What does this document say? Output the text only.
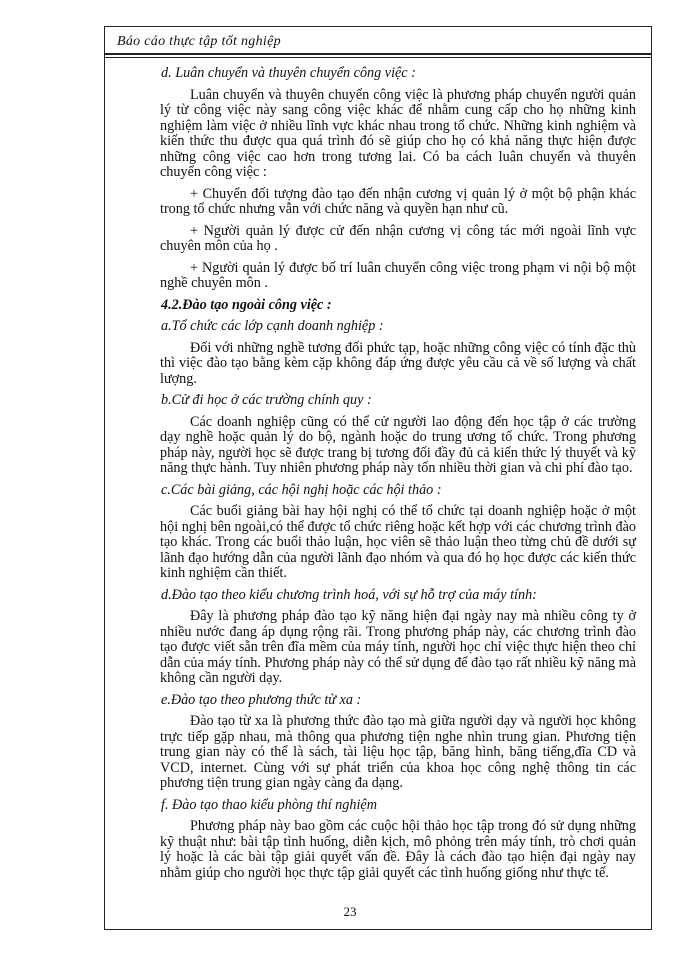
Báo cáo thực tập tốt nghiệp
d. Luân chuyển và thuyên chuyển công việc :

Luân chuyển và thuyên chuyển công việc là phương pháp chuyển người quản lý từ công việc này sang công việc khác để nhằm cung cấp cho họ những kinh nghiệm làm việc ở nhiều lĩnh vực khác nhau trong tổ chức. Những kinh nghiệm và kiến thức thu được qua quá trình đó sẽ giúp cho họ có khả năng thực hiện được những công việc cao hơn trong tương lai. Có ba cách luân chuyển và thuyên chuyển công việc :

+ Chuyển đối tượng đào tạo đến nhận cương vị quản lý ở một bộ phận khác trong tổ chức nhưng vẫn với chức năng và quyền hạn như cũ.

+ Người quản lý được cử đến nhận cương vị công tác mới ngoài lĩnh vực chuyên môn của họ .

+ Người quản lý được bố trí luân chuyển công việc trong phạm vi nội bộ một nghề chuyên môn .

4.2.Đào tạo ngoài công việc :
a.Tổ chức các lớp cạnh doanh nghiệp :

Đối với những nghề tương đối phức tạp, hoặc những công việc có tính đặc thù thì việc đào tạo bằng kèm cặp không đáp ứng được yêu cầu cả về số lượng và chất lượng.

b.Cử đi học ở các trường chính quy :

Các doanh nghiệp cũng có thể cử người lao động đến học tập ở các trường dạy nghề hoặc quản lý do bộ, ngành hoặc do trung ương tổ chức. Trong phương pháp này, người học sẽ được trang bị tương đối đầy đủ cả kiến thức lý thuyết và kỹ năng thực hành. Tuy nhiên phương pháp này tốn nhiều thời gian và chi phí đào tạo.

c.Các bài giảng, các hội nghị hoặc các hội thảo :

Các buổi giảng bài hay hội nghị có thể tổ chức tại doanh nghiệp hoặc ở một hội nghị bên ngoài,có thể được tổ chức riêng hoặc kết hợp với các chương trình đào tạo khác. Trong các buổi thảo luận, học viên sẽ thảo luận theo từng chủ đề dưới sự lãnh đạo hướng dẫn của người lãnh đạo nhóm và qua đó họ học được các kiến thức kinh nghiệm cần thiết.

d.Đào tạo theo kiểu chương trình hoá, với sự hỗ trợ của máy tính:

Đây là phương pháp đào tạo kỹ năng hiện đại ngày nay mà nhiều công ty ở nhiều nước đang áp dụng rộng rãi. Trong phương pháp này, các chương trình đào tạo được viết sẵn trên đĩa mềm của máy tính, người học chỉ việc thực hiện theo chỉ dẫn của máy tính. Phương pháp này có thể sử dụng để đào tạo rất nhiều kỹ năng mà không cần người dạy.

e.Đào tạo theo phương thức từ xa :

Đào tạo từ xa là phương thức đào tạo mà giữa người dạy và người học không trực tiếp gặp nhau, mà thông qua phương tiện nghe nhìn trung gian. Phương tiện trung gian này có thể là sách, tài liệu học tập, băng hình, băng tiếng,đĩa CD và VCD, internet. Cùng với sự phát triển của khoa học công nghệ thông tin các phương tiện trung gian ngày càng đa dạng.

f. Đào tạo thao kiểu phòng thí nghiệm

Phương pháp này bao gồm các cuộc hội thảo học tập trong đó sử dụng những kỹ thuật như: bài tập tình huống, diễn kịch, mô phỏng trên máy tính, trò chơi quản lý hoặc là các bài tập giải quyết vấn đề. Đây là cách đào tạo hiện đại ngày nay nhằm giúp cho người học thực tập giải quyết các tình huống giống như thực tế.

23
